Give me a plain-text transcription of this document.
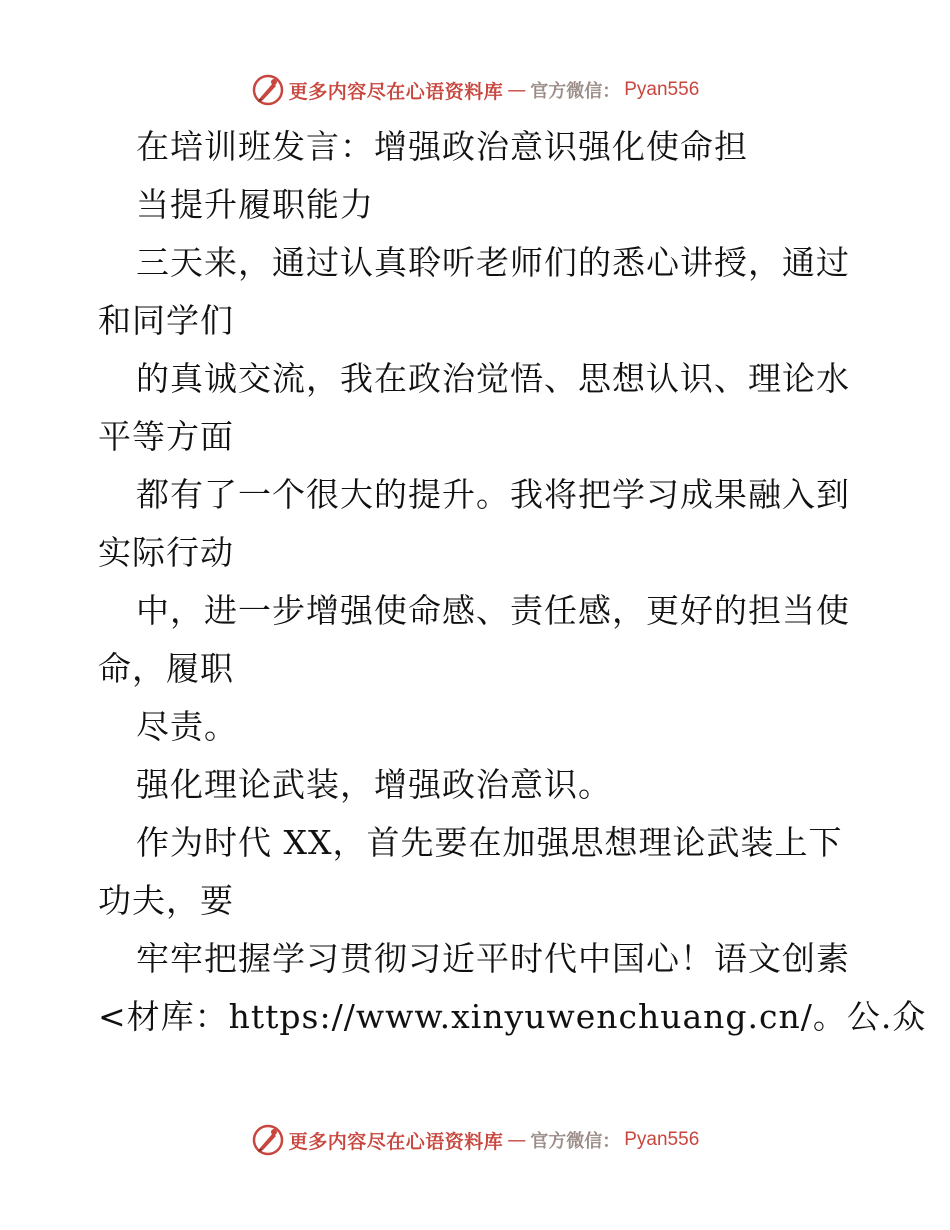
更多内容尽在心语资料库 — 官方微信： Pyan556
在培训班发言：增强政治意识强化使命担
当提升履职能力
三天来，通过认真聆听老师们的悉心讲授，通过
和同学们
的真诚交流，我在政治觉悟、思想认识、理论水
平等方面
都有了一个很大的提升。我将把学习成果融入到
实际行动
中，进一步增强使命感、责任感，更好的担当使
命，履职
尽责。
强化理论武装，增强政治意识。
作为时代 XX，首先要在加强思想理论武装上下
功夫，要
牢牢把握学习贯彻习近平时代中国心！语文创素
<材库：https://www.xinyuwenchuang.cn/。公.众
更多内容尽在心语资料库 — 官方微信： Pyan556
